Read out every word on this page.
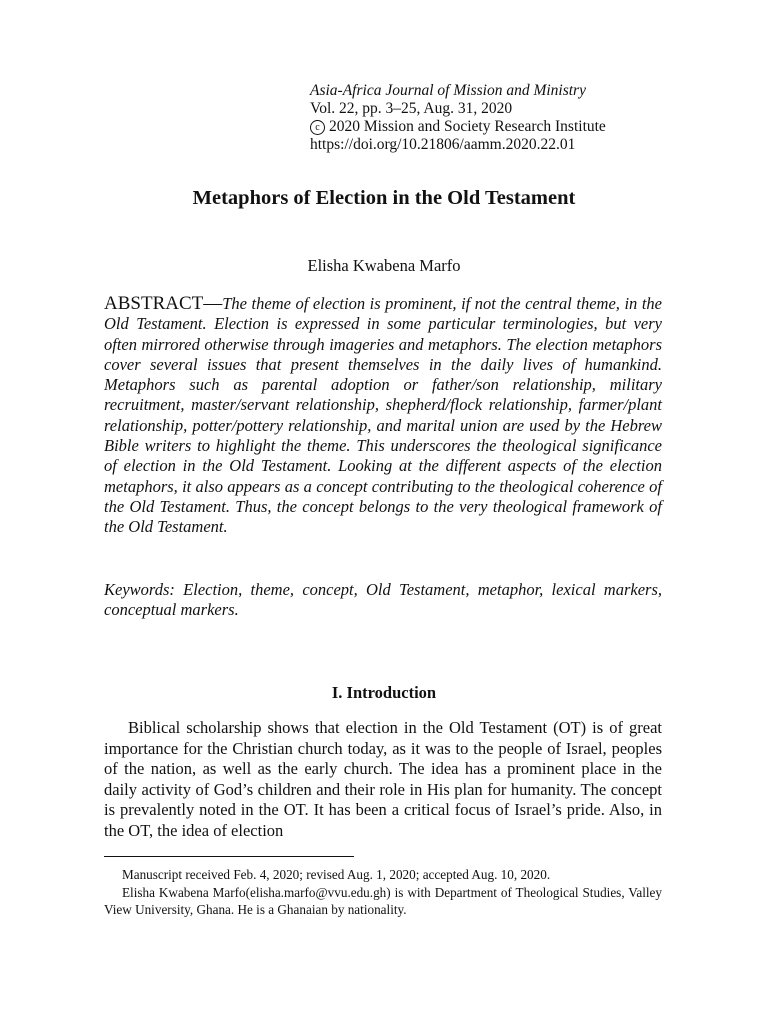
Asia-Africa Journal of Mission and Ministry
Vol. 22, pp. 3–25, Aug. 31, 2020
c 2020 Mission and Society Research Institute
https://doi.org/10.21806/aamm.2020.22.01
Metaphors of Election in the Old Testament
Elisha Kwabena Marfo
ABSTRACT—The theme of election is prominent, if not the central theme, in the Old Testament. Election is expressed in some particular terminologies, but very often mirrored otherwise through imageries and metaphors. The election metaphors cover several issues that present themselves in the daily lives of humankind. Metaphors such as parental adoption or father/son relationship, military recruitment, master/servant relationship, shepherd/flock relationship, farmer/plant relationship, potter/pottery relationship, and marital union are used by the Hebrew Bible writers to highlight the theme. This underscores the theological significance of election in the Old Testament. Looking at the different aspects of the election metaphors, it also appears as a concept contributing to the theological coherence of the Old Testament. Thus, the concept belongs to the very theological framework of the Old Testament.
Keywords: Election, theme, concept, Old Testament, metaphor, lexical markers, conceptual markers.
I. Introduction
Biblical scholarship shows that election in the Old Testament (OT) is of great importance for the Christian church today, as it was to the people of Israel, peoples of the nation, as well as the early church. The idea has a prominent place in the daily activity of God’s children and their role in His plan for humanity. The concept is prevalently noted in the OT. It has been a critical focus of Israel’s pride. Also, in the OT, the idea of election

Manuscript received Feb. 4, 2020; revised Aug. 1, 2020; accepted Aug. 10, 2020.

Elisha Kwabena Marfo(elisha.marfo@vvu.edu.gh) is with Department of Theological Studies, Valley View University, Ghana. He is a Ghanaian by nationality.
